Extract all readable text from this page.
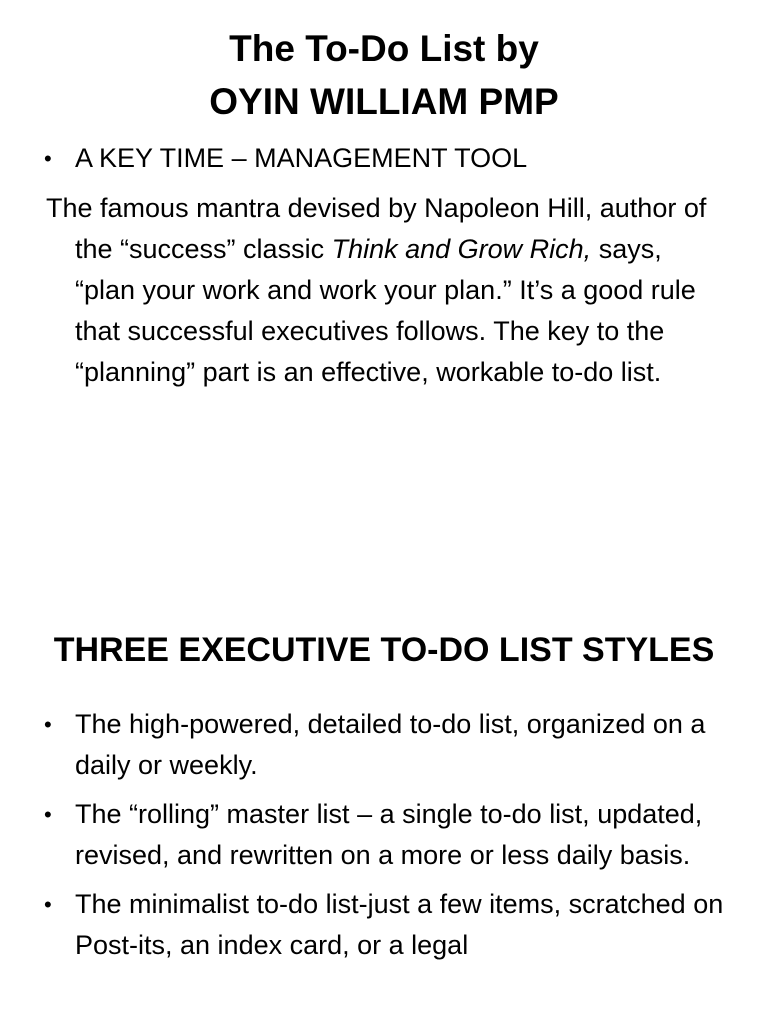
The To-Do List by
OYIN WILLIAM PMP
• A KEY TIME – MANAGEMENT TOOL
The famous mantra devised by Napoleon Hill, author of the “success” classic Think and Grow Rich, says, “plan your work and work your plan.” It’s a good rule that successful executives follows. The key to the “planning” part is an effective, workable to-do list.
THREE EXECUTIVE TO-DO LIST STYLES
• The high-powered, detailed to-do list, organized on a daily or weekly.
• The “rolling” master list – a single to-do list, updated, revised, and rewritten on a more or less daily basis.
• The minimalist to-do list-just a few items, scratched on Post-its, an index card, or a legal
